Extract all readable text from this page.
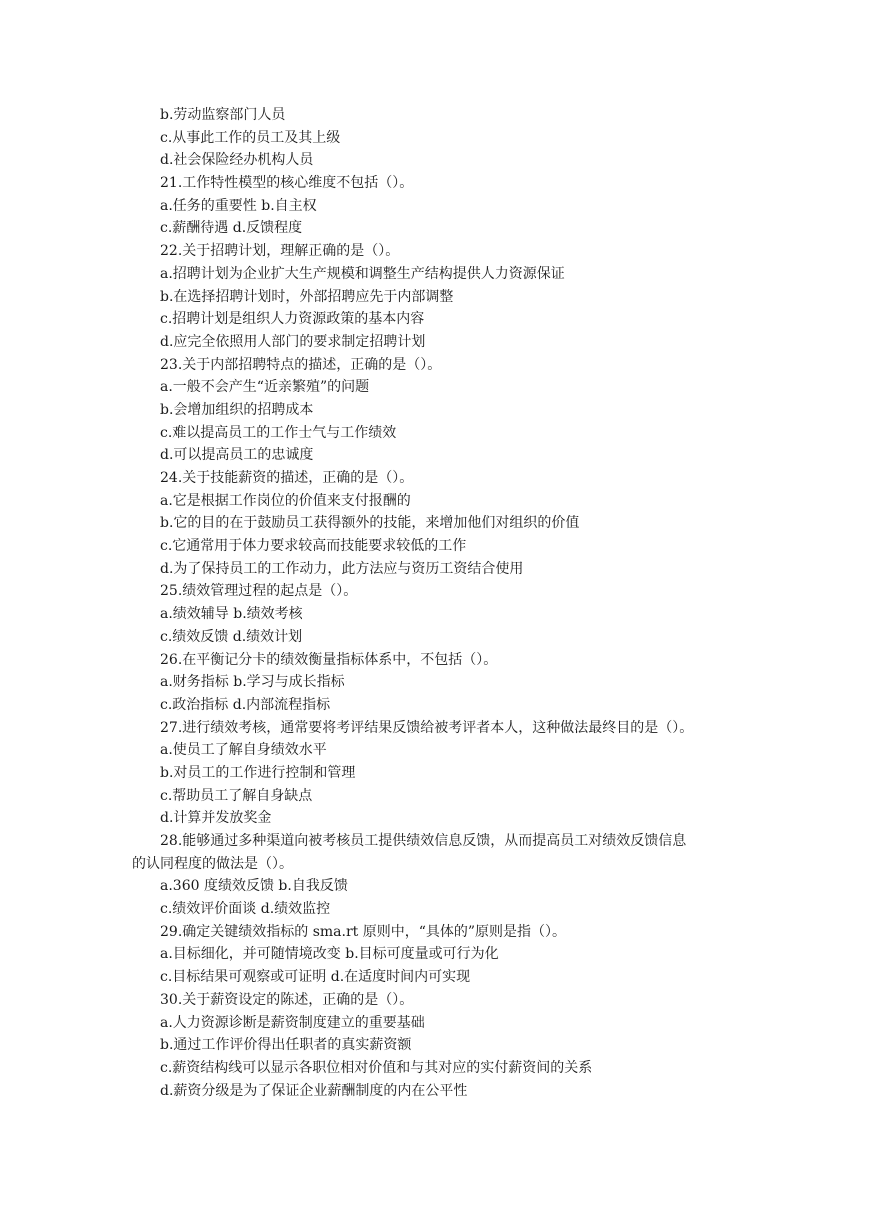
b.劳动监察部门人员
c.从事此工作的员工及其上级
d.社会保险经办机构人员
21.工作特性模型的核心维度不包括（）。
a.任务的重要性 b.自主权
c.薪酬待遇 d.反馈程度
22.关于招聘计划，理解正确的是（）。
a.招聘计划为企业扩大生产规模和调整生产结构提供人力资源保证
b.在选择招聘计划时，外部招聘应先于内部调整
c.招聘计划是组织人力资源政策的基本内容
d.应完全依照用人部门的要求制定招聘计划
23.关于内部招聘特点的描述，正确的是（）。
a.一般不会产生“近亲繁殖”的问题
b.会增加组织的招聘成本
c.难以提高员工的工作士气与工作绩效
d.可以提高员工的忠诚度
24.关于技能薪资的描述，正确的是（）。
a.它是根据工作岗位的价值来支付报酬的
b.它的目的在于鼓励员工获得额外的技能，来增加他们对组织的价值
c.它通常用于体力要求较高而技能要求较低的工作
d.为了保持员工的工作动力，此方法应与资历工资结合使用
25.绩效管理过程的起点是（）。
a.绩效辅导 b.绩效考核
c.绩效反馈 d.绩效计划
26.在平衡记分卡的绩效衡量指标体系中，不包括（）。
a.财务指标 b.学习与成长指标
c.政治指标 d.内部流程指标
27.进行绩效考核，通常要将考评结果反馈给被考评者本人，这种做法最终目的是（）。
a.使员工了解自身绩效水平
b.对员工的工作进行控制和管理
c.帮助员工了解自身缺点
d.计算并发放奖金
28.能够通过多种渠道向被考核员工提供绩效信息反馈，从而提高员工对绩效反馈信息
的认同程度的做法是（）。
a.360 度绩效反馈 b.自我反馈
c.绩效评价面谈 d.绩效监控
29.确定关键绩效指标的 sma.rt 原则中，“具体的”原则是指（）。
a.目标细化，并可随情境改变 b.目标可度量或可行为化
c.目标结果可观察或可证明 d.在适度时间内可实现
30.关于薪资设定的陈述，正确的是（）。
a.人力资源诊断是薪资制度建立的重要基础
b.通过工作评价得出任职者的真实薪资额
c.薪资结构线可以显示各职位相对价值和与其对应的实付薪资间的关系
d.薪资分级是为了保证企业薪酬制度的内在公平性
